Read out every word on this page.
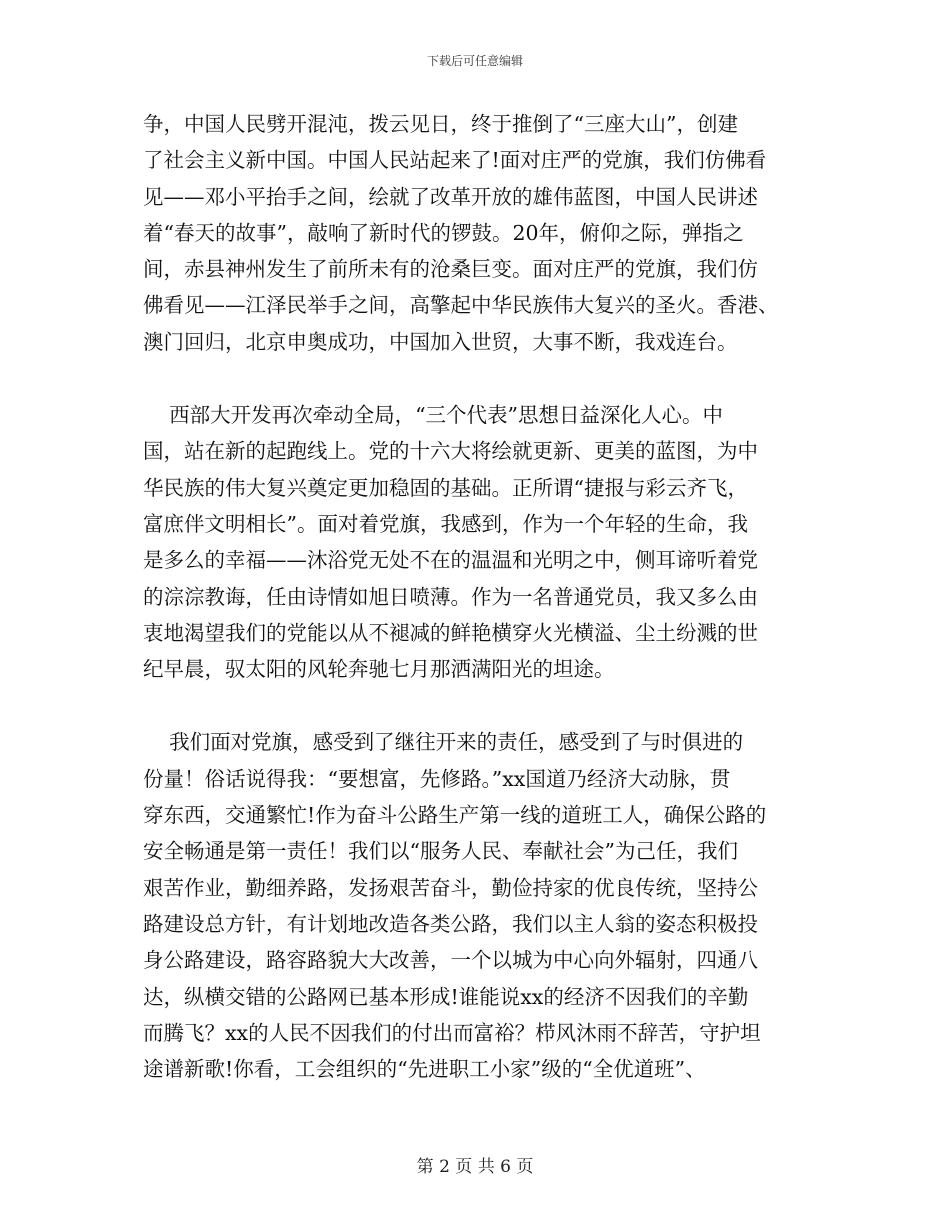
下载后可任意编辑
争，中国人民劈开混沌，拨云见日，终于推倒了“三座大山”，创建
了社会主义新中国。中国人民站起来了!面对庄严的党旗，我们仿佛看
见——邓小平抬手之间，绘就了改革开放的雄伟蓝图，中国人民讲述
着“春天的故事”，敲响了新时代的锣鼓。20年，俯仰之际，弹指之
间，赤县神州发生了前所未有的沧桑巨变。面对庄严的党旗，我们仿
佛看见——江泽民举手之间，高擎起中华民族伟大复兴的圣火。香港、
澳门回归，北京申奥成功，中国加入世贸，大事不断，我戏连台。
西部大开发再次牵动全局，“三个代表”思想日益深化人心。中
国，站在新的起跑线上。党的十六大将绘就更新、更美的蓝图，为中
华民族的伟大复兴奠定更加稳固的基础。正所谓“捷报与彩云齐飞，
富庶伴文明相长”。面对着党旗，我感到，作为一个年轻的生命，我
是多么的幸福——沐浴党无处不在的温温和光明之中，侧耳谛听着党
的淙淙教诲，任由诗情如旭日喷薄。作为一名普通党员，我又多么由
衷地渴望我们的党能以从不褪减的鲜艳横穿火光横溢、尘土纷溅的世
纪早晨，驭太阳的风轮奔驰七月那洒满阳光的坦途。
我们面对党旗，感受到了继往开来的责任，感受到了与时俱进的
份量！俗话说得我：“要想富，先修路。”xx国道乃经济大动脉，贯
穿东西，交通繁忙!作为奋斗公路生产第一线的道班工人，确保公路的
安全畅通是第一责任！我们以“服务人民、奉献社会”为己任，我们
艰苦作业，勤细养路，发扬艰苦奋斗，勤俭持家的优良传统，坚持公
路建设总方针，有计划地改造各类公路，我们以主人翁的姿态积极投
身公路建设，路容路貌大大改善，一个以城为中心向外辐射，四通八
达，纵横交错的公路网已基本形成!谁能说xx的经济不因我们的辛勤
而腾飞？xx的人民不因我们的付出而富裕？栉风沐雨不辞苦，守护坦
途谱新歌!你看，工会组织的“先进职工小家”级的“全优道班”、
第 2 页 共 6 页
